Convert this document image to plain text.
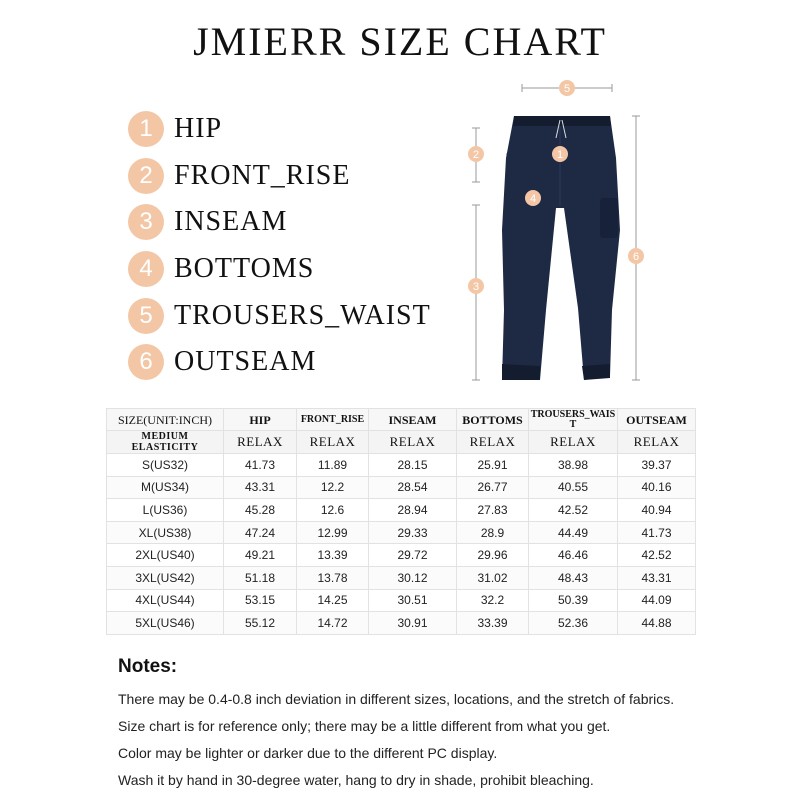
JMIERR SIZE CHART
1 HIP
2 FRONT_RISE
3 INSEAM
4 BOTTOMS
5 TROUSERS_WAIST
6 OUTSEAM
5
2	1
4
3
6
SIZE(UNIT:INCH)	HIP	FRONT_RISE	INSEAM	BOTTOMS	TROUSERS_WAIST	OUTSEAM
MEDIUM ELASTICITY	RELAX	RELAX	RELAX	RELAX	RELAX	RELAX
S(US32)	41.73	11.89	28.15	25.91	38.98	39.37
M(US34)	43.31	12.2	28.54	26.77	40.55	40.16
L(US36)	45.28	12.6	28.94	27.83	42.52	40.94
XL(US38)	47.24	12.99	29.33	28.9	44.49	41.73
2XL(US40)	49.21	13.39	29.72	29.96	46.46	42.52
3XL(US42)	51.18	13.78	30.12	31.02	48.43	43.31
4XL(US44)	53.15	14.25	30.51	32.2	50.39	44.09
5XL(US46)	55.12	14.72	30.91	33.39	52.36	44.88
Notes:
There may be 0.4-0.8 inch deviation in different sizes, locations, and the stretch of fabrics.
Size chart is for reference only; there may be a little different from what you get.
Color may be lighter or darker due to the different PC display.
Wash it by hand in 30-degree water, hang to dry in shade, prohibit bleaching.
